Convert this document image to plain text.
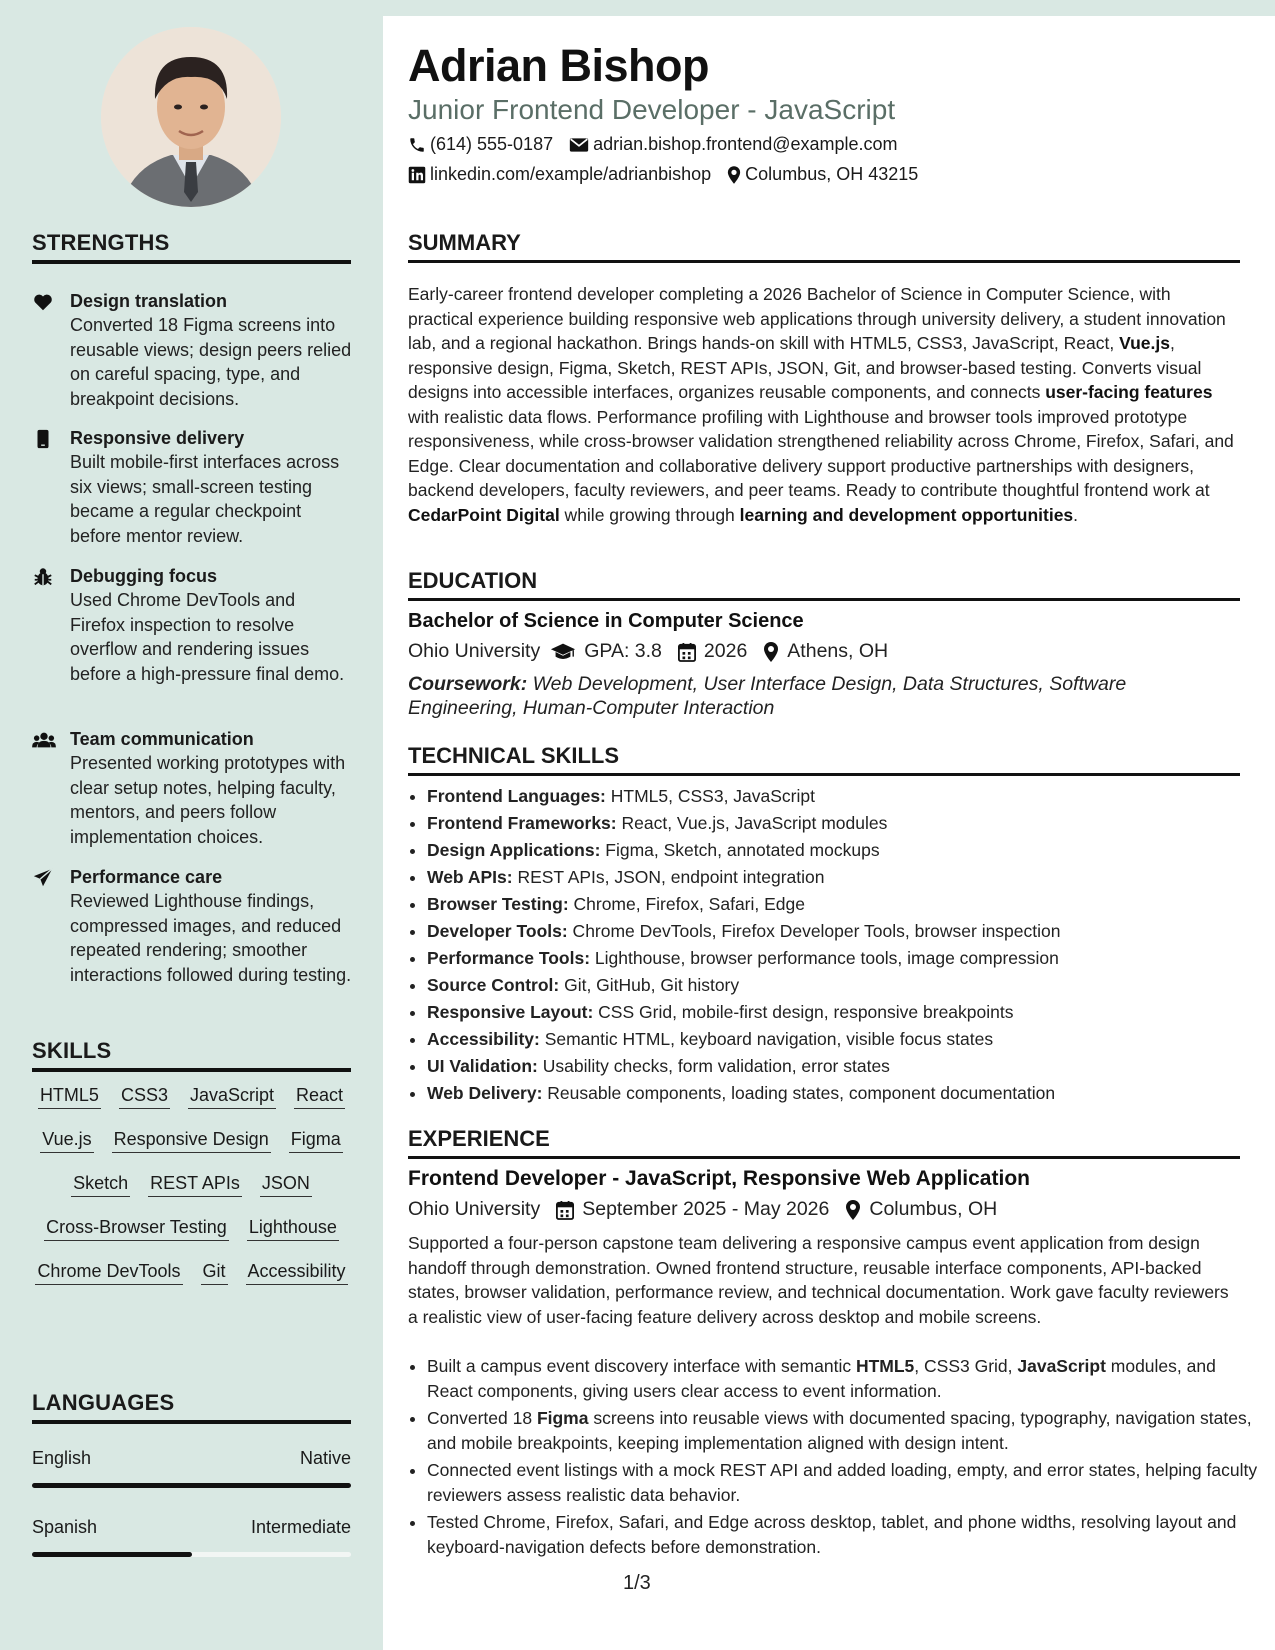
STRENGTHS
Design translation
Converted 18 Figma screens into reusable views; design peers relied on careful spacing, type, and breakpoint decisions.
Responsive delivery
Built mobile-first interfaces across six views; small-screen testing became a regular checkpoint before mentor review.
Debugging focus
Used Chrome DevTools and Firefox inspection to resolve overflow and rendering issues before a high-pressure final demo.
Team communication
Presented working prototypes with clear setup notes, helping faculty, mentors, and peers follow implementation choices.
Performance care
Reviewed Lighthouse findings, compressed images, and reduced repeated rendering; smoother interactions followed during testing.
SKILLS
HTML5 CSS3 JavaScript React
Vue.js Responsive Design Figma
Sketch REST APIs JSON
Cross-Browser Testing Lighthouse
Chrome DevTools Git Accessibility
LANGUAGES
English	Native
Spanish	Intermediate
Adrian Bishop
Junior Frontend Developer - JavaScript
(614) 555-0187 adrian.bishop.frontend@example.com
linkedin.com/example/adrianbishop Columbus, OH 43215
SUMMARY
Early-career frontend developer completing a 2026 Bachelor of Science in Computer Science, with practical experience building responsive web applications through university delivery, a student innovation lab, and a regional hackathon. Brings hands-on skill with HTML5, CSS3, JavaScript, React, Vue.js, responsive design, Figma, Sketch, REST APIs, JSON, Git, and browser-based testing. Converts visual designs into accessible interfaces, organizes reusable components, and connects user-facing features with realistic data flows. Performance profiling with Lighthouse and browser tools improved prototype responsiveness, while cross-browser validation strengthened reliability across Chrome, Firefox, Safari, and Edge. Clear documentation and collaborative delivery support productive partnerships with designers, backend developers, faculty reviewers, and peer teams. Ready to contribute thoughtful frontend work at CedarPoint Digital while growing through learning and development opportunities.
EDUCATION
Bachelor of Science in Computer Science
Ohio University GPA: 3.8 2026 Athens, OH
Coursework: Web Development, User Interface Design, Data Structures, Software Engineering, Human-Computer Interaction
TECHNICAL SKILLS
• Frontend Languages: HTML5, CSS3, JavaScript
• Frontend Frameworks: React, Vue.js, JavaScript modules
• Design Applications: Figma, Sketch, annotated mockups
• Web APIs: REST APIs, JSON, endpoint integration
• Browser Testing: Chrome, Firefox, Safari, Edge
• Developer Tools: Chrome DevTools, Firefox Developer Tools, browser inspection
• Performance Tools: Lighthouse, browser performance tools, image compression
• Source Control: Git, GitHub, Git history
• Responsive Layout: CSS Grid, mobile-first design, responsive breakpoints
• Accessibility: Semantic HTML, keyboard navigation, visible focus states
• UI Validation: Usability checks, form validation, error states
• Web Delivery: Reusable components, loading states, component documentation
EXPERIENCE
Frontend Developer - JavaScript, Responsive Web Application
Ohio University September 2025 - May 2026 Columbus, OH
Supported a four-person capstone team delivering a responsive campus event application from design handoff through demonstration. Owned frontend structure, reusable interface components, API-backed states, browser validation, performance review, and technical documentation. Work gave faculty reviewers a realistic view of user-facing feature delivery across desktop and mobile screens.
• Built a campus event discovery interface with semantic HTML5, CSS3 Grid, JavaScript modules, and React components, giving users clear access to event information.
• Converted 18 Figma screens into reusable views with documented spacing, typography, navigation states, and mobile breakpoints, keeping implementation aligned with design intent.
• Connected event listings with a mock REST API and added loading, empty, and error states, helping faculty reviewers assess realistic data behavior.
• Tested Chrome, Firefox, Safari, and Edge across desktop, tablet, and phone widths, resolving layout and keyboard-navigation defects before demonstration.
1/3
